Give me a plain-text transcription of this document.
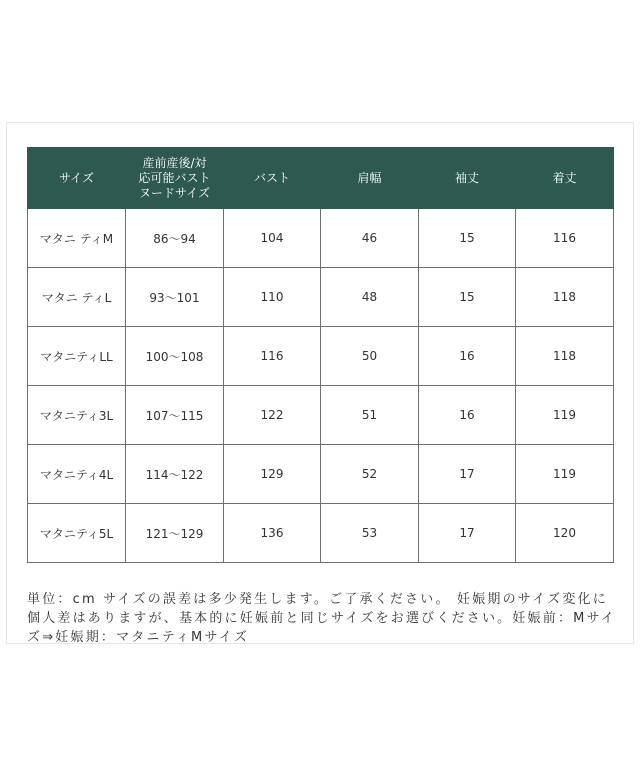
サイズ	産前産後/対
応可能バスト
ヌードサイズ	バスト	肩幅	袖丈	着丈
マタニ ティM	86〜94	104	46	15	116
マタニ ティL	93〜101	110	48	15	118
マタニティLL	100〜108	116	50	16	118
マタニティ3L	107〜115	122	51	16	119
マタニティ4L	114〜122	129	52	17	119
マタニティ5L	121〜129	136	53	17	120

単位：cm サイズの誤差は多少発生します。ご了承ください。 妊娠期のサイズ変化に個人差はありますが、基本的に妊娠前と同じサイズをお選びください。妊娠前：Mサイズ⇒妊娠期：マタニティMサイズ
